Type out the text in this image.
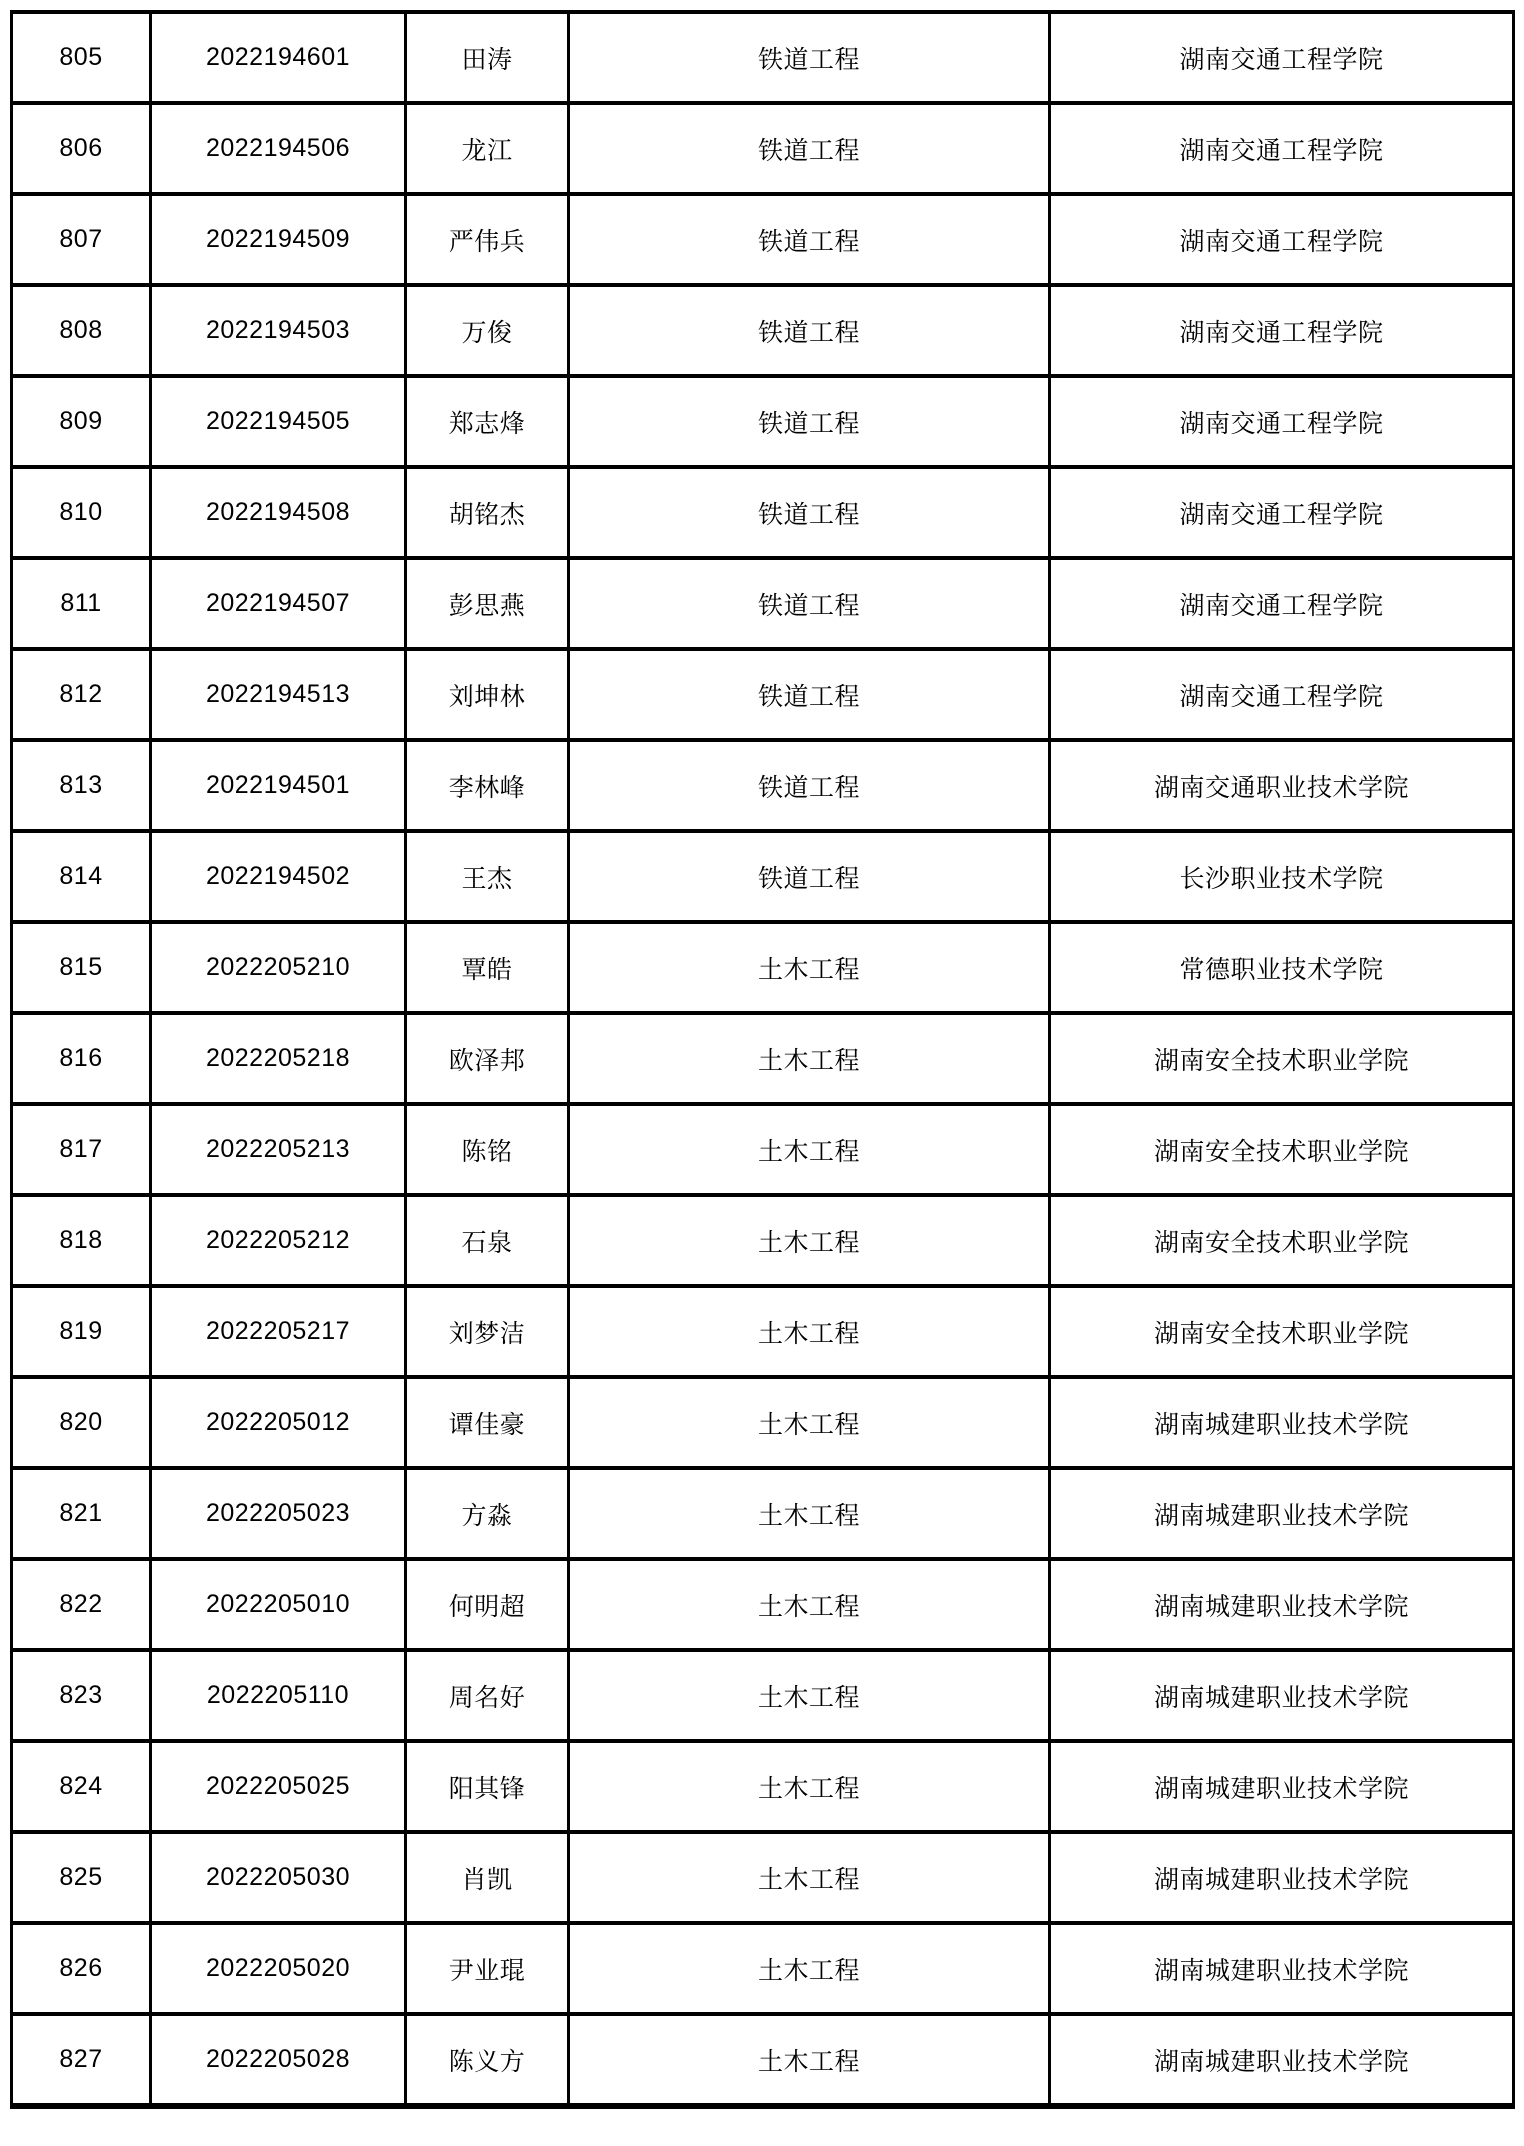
805	2022194601	田涛	铁道工程	湖南交通工程学院
806	2022194506	龙江	铁道工程	湖南交通工程学院
807	2022194509	严伟兵	铁道工程	湖南交通工程学院
808	2022194503	万俊	铁道工程	湖南交通工程学院
809	2022194505	郑志烽	铁道工程	湖南交通工程学院
810	2022194508	胡铭杰	铁道工程	湖南交通工程学院
811	2022194507	彭思燕	铁道工程	湖南交通工程学院
812	2022194513	刘坤林	铁道工程	湖南交通工程学院
813	2022194501	李林峰	铁道工程	湖南交通职业技术学院
814	2022194502	王杰	铁道工程	长沙职业技术学院
815	2022205210	覃皓	土木工程	常德职业技术学院
816	2022205218	欧泽邦	土木工程	湖南安全技术职业学院
817	2022205213	陈铭	土木工程	湖南安全技术职业学院
818	2022205212	石泉	土木工程	湖南安全技术职业学院
819	2022205217	刘梦洁	土木工程	湖南安全技术职业学院
820	2022205012	谭佳豪	土木工程	湖南城建职业技术学院
821	2022205023	方淼	土木工程	湖南城建职业技术学院
822	2022205010	何明超	土木工程	湖南城建职业技术学院
823	2022205110	周名好	土木工程	湖南城建职业技术学院
824	2022205025	阳其锋	土木工程	湖南城建职业技术学院
825	2022205030	肖凯	土木工程	湖南城建职业技术学院
826	2022205020	尹业琨	土木工程	湖南城建职业技术学院
827	2022205028	陈义方	土木工程	湖南城建职业技术学院
